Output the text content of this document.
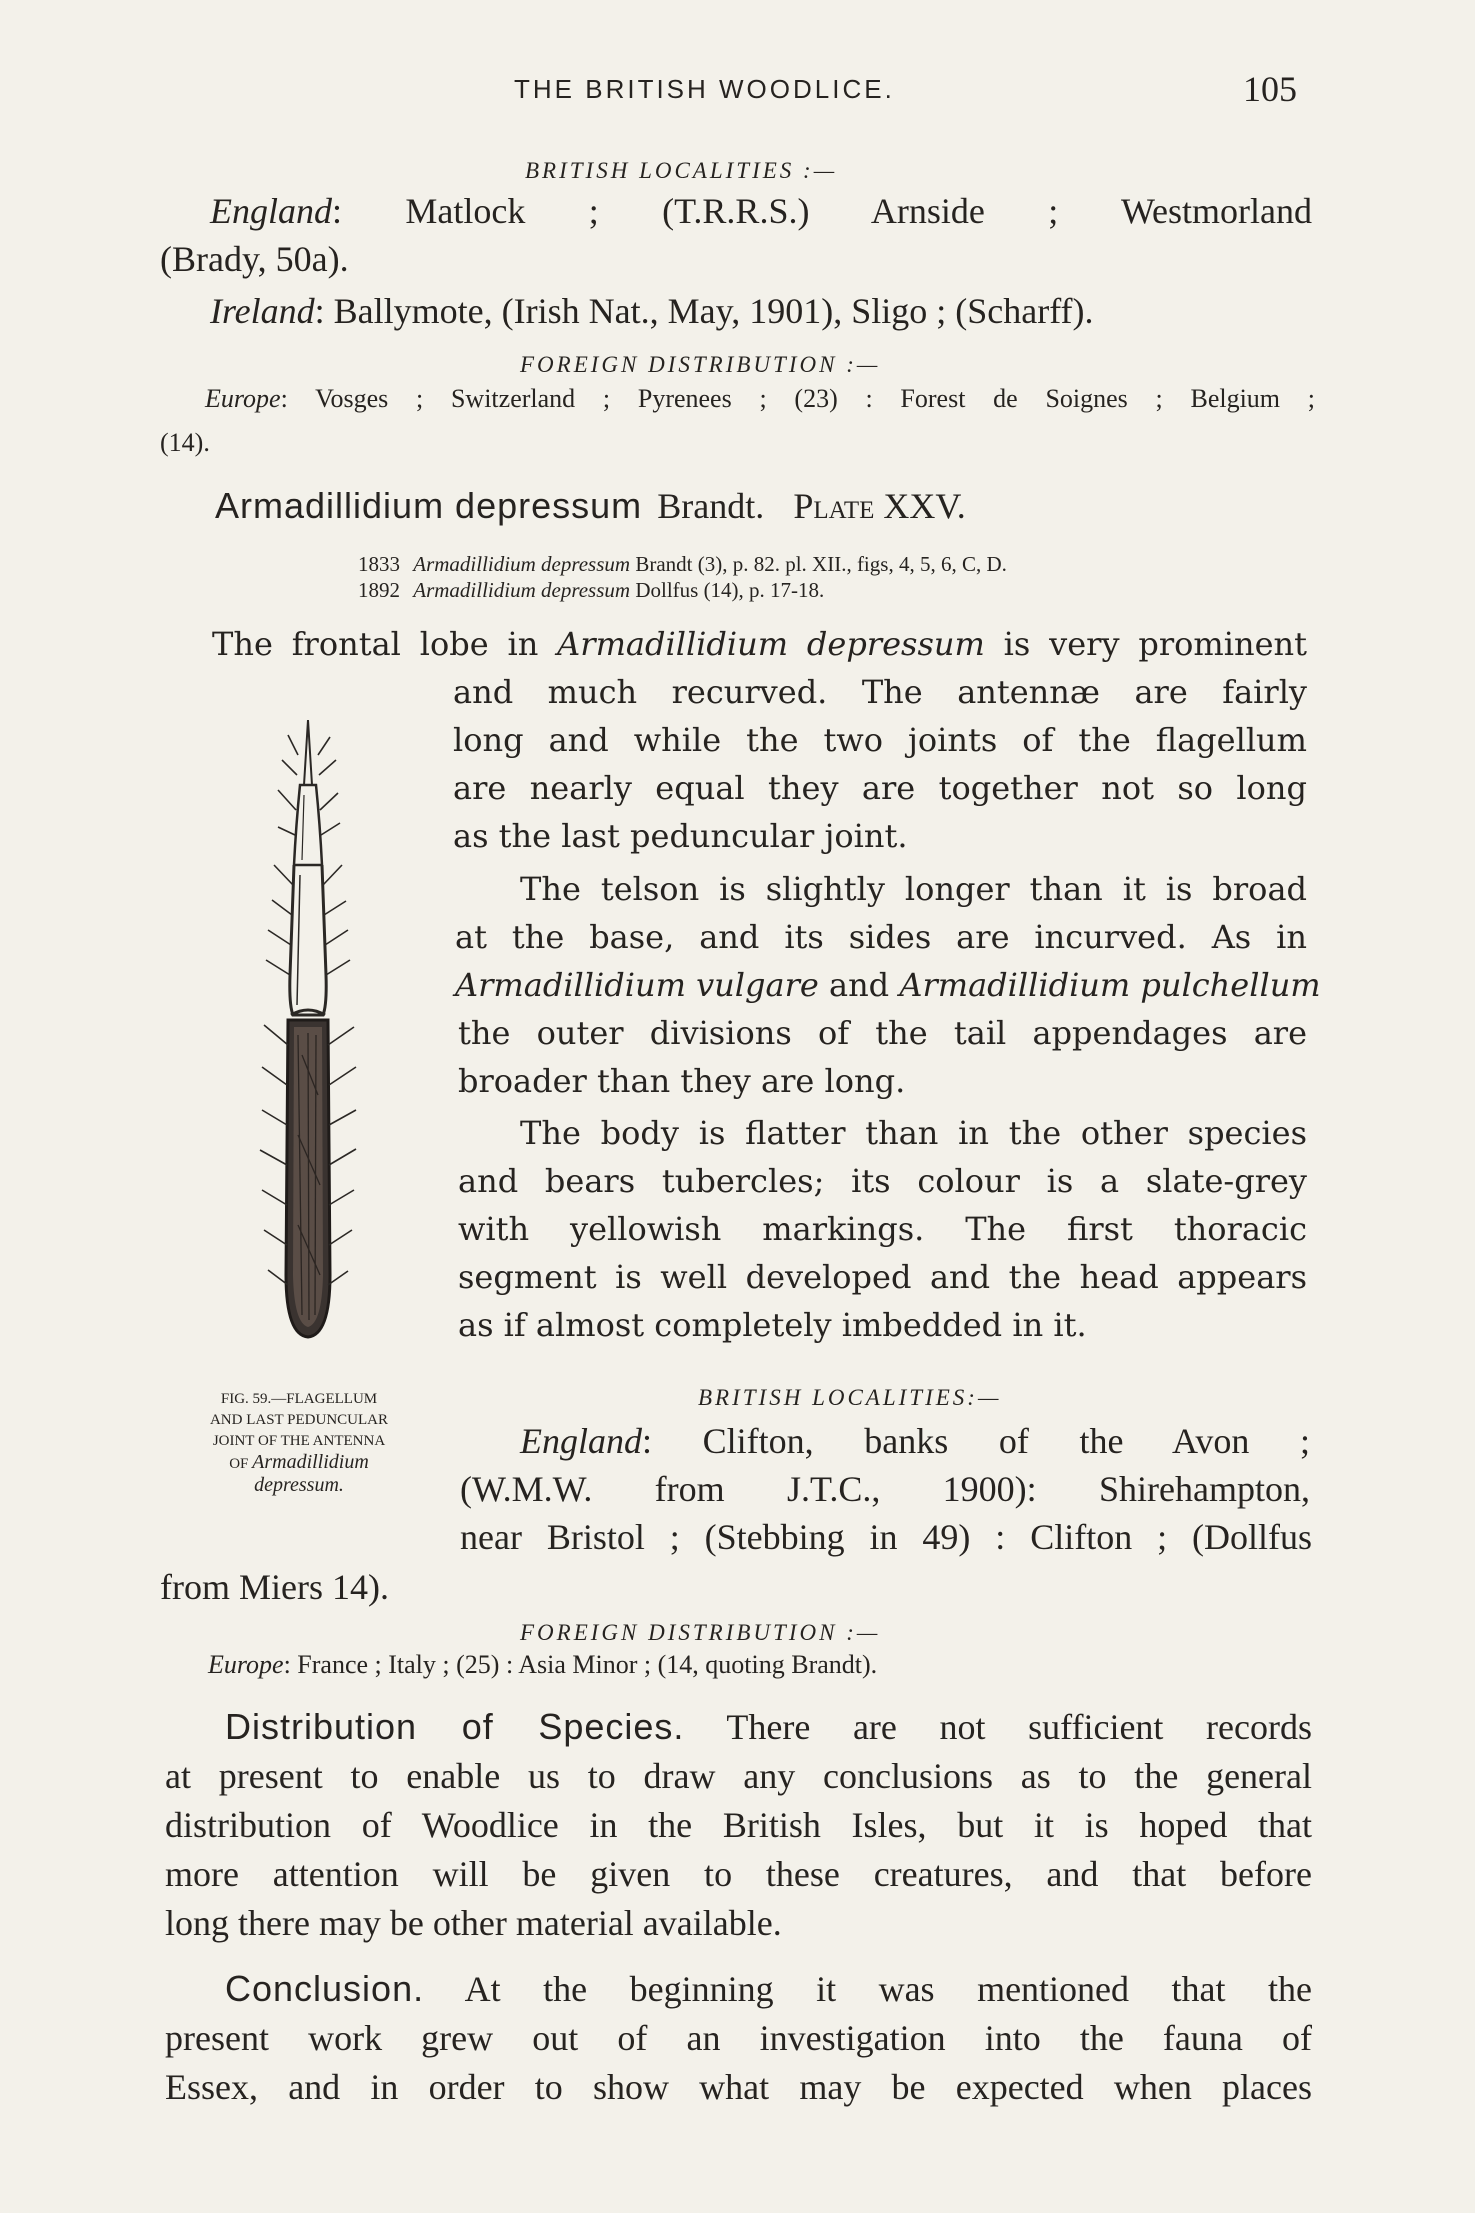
THE BRITISH WOODLICE.	105
BRITISH LOCALITIES :—
England: Matlock ; (T.R.R.S.) Arnside ; Westmorland
(Brady, 50a).
Ireland: Ballymote, (Irish Nat., May, 1901), Sligo ; (Scharff).
FOREIGN DISTRIBUTION :—
Europe: Vosges ; Switzerland ; Pyrenees ; (23) : Forest de Soignes ; Belgium ;
(14).
Armadillidium depressum Brandt. Plate XXV.
1833 Armadillidium depressum Brandt (3), p. 82. pl. XII., figs, 4, 5, 6, C, D.
1892 Armadillidium depressum Dollfus (14), p. 17-18.
The frontal lobe in Armadillidium depressum is very prominent
and much recurved. The antennæ are fairly
long and while the two joints of the flagellum
are nearly equal they are together not so long
as the last peduncular joint.
The telson is slightly longer than it is broad
at the base, and its sides are incurved. As in
Armadillidium vulgare and Armadillidium pulchellum
the outer divisions of the tail appendages are
broader than they are long.
The body is flatter than in the other species
and bears tubercles; its colour is a slate-grey
with yellowish markings. The first thoracic
segment is well developed and the head appears
as if almost completely imbedded in it.
FIG. 59.—FLAGELLUM
AND LAST PEDUNCULAR
JOINT OF THE ANTENNA
OF Armadillidium
depressum.
BRITISH LOCALITIES:—
England: Clifton, banks of the Avon ;
(W.M.W. from J.T.C., 1900): Shirehampton,
near Bristol ; (Stebbing in 49) : Clifton ; (Dollfus
from Miers 14).
FOREIGN DISTRIBUTION :—
Europe: France ; Italy ; (25) : Asia Minor ; (14, quoting Brandt).
Distribution of Species. There are not sufficient records
at present to enable us to draw any conclusions as to the general
distribution of Woodlice in the British Isles, but it is hoped that
more attention will be given to these creatures, and that before
long there may be other material available.
Conclusion. At the beginning it was mentioned that the
present work grew out of an investigation into the fauna of
Essex, and in order to show what may be expected when places
